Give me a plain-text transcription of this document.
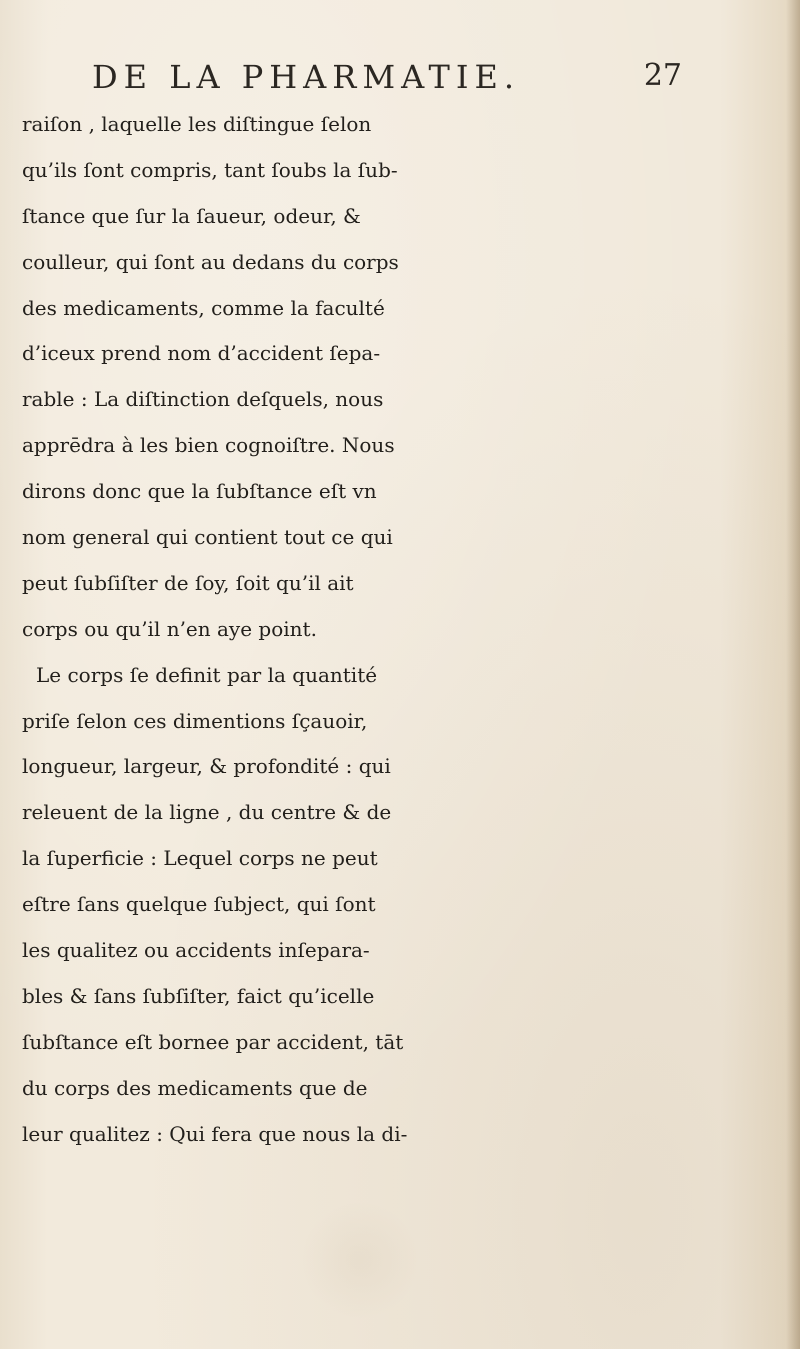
DE LA PHARMATIE.	27
raiſon , laquelle les diſtingue ſelon
qu’ils ſont compris, tant ſoubs la ſub-
ſtance que ſur la ſaueur, odeur, &
coulleur, qui ſont au dedans du corps
des medicaments, comme la faculté
d’iceux prend nom d’accident ſepa-
rable : La diſtinction deſquels, nous
apprēdra à les bien cognoiſtre. Nous
dirons donc que la ſubſtance eſt vn
nom general qui contient tout ce qui
peut ſubſiſter de ſoy, ſoit qu’il ait
corps ou qu’il n’en aye point.
Le corps ſe definit par la quantité
priſe ſelon ces dimentions ſçauoir,
longueur, largeur, & profondité : qui
releuent de la ligne , du centre & de
la ſuperficie : Lequel corps ne peut
eſtre ſans quelque ſubject, qui ſont
les qualitez ou accidents inſepara-
bles & ſans ſubſiſter, faict qu’icelle
ſubſtance eſt bornee par accident, tāt
du corps des medicaments que de
leur qualitez : Qui fera que nous la di-
